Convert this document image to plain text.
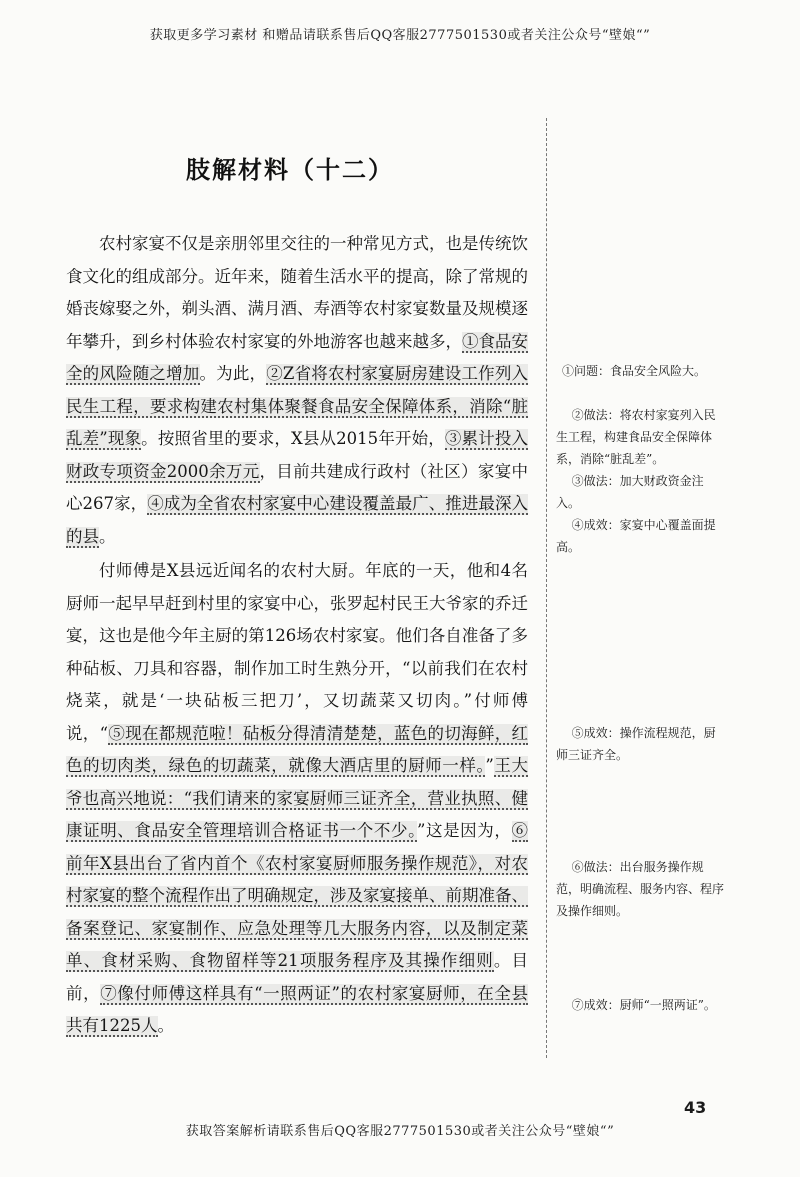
获取更多学习素材 和赠品请联系售后QQ客服2777501530或者关注公众号“壁娘“”
肢解材料（十二）

农村家宴不仅是亲朋邻里交往的一种常见方式，也是传统饮食文化的组成部分。近年来，随着生活水平的提高，除了常规的婚丧嫁娶之外，剃头酒、满月酒、寿酒等农村家宴数量及规模逐年攀升，到乡村体验农村家宴的外地游客也越来越多，①食品安全的风险随之增加。为此，②Z省将农村家宴厨房建设工作列入民生工程，要求构建农村集体聚餐食品安全保障体系，消除“脏乱差”现象。按照省里的要求，X县从2015年开始，③累计投入财政专项资金2000余万元，目前共建成行政村（社区）家宴中心267家，④成为全省农村家宴中心建设覆盖最广、推进最深入的县。

付师傅是X县远近闻名的农村大厨。年底的一天，他和4名厨师一起早早赶到村里的家宴中心，张罗起村民王大爷家的乔迁宴，这也是他今年主厨的第126场农村家宴。他们各自准备了多种砧板、刀具和容器，制作加工时生熟分开，“以前我们在农村烧菜，就是‘一块砧板三把刀’，又切蔬菜又切肉。”付师傅说，“⑤现在都规范啦！砧板分得清清楚楚，蓝色的切海鲜，红色的切肉类，绿色的切蔬菜，就像大酒店里的厨师一样。”王大爷也高兴地说：“我们请来的家宴厨师三证齐全，营业执照、健康证明、食品安全管理培训合格证书一个不少。”这是因为，⑥前年X县出台了省内首个《农村家宴厨师服务操作规范》，对农村家宴的整个流程作出了明确规定，涉及家宴接单、前期准备、备案登记、家宴制作、应急处理等几大服务内容，以及制定菜单、食材采购、食物留样等21项服务程序及其操作细则。目前，⑦像付师傅这样具有“一照两证”的农村家宴厨师，在全县共有1225人。

①问题：食品安全风险大。
②做法：将农村家宴列入民生工程，构建食品安全保障体系，消除“脏乱差”。
③做法：加大财政资金注入。
④成效：家宴中心覆盖面提高。
⑤成效：操作流程规范，厨师三证齐全。
⑥做法：出台服务操作规范，明确流程、服务内容、程序及操作细则。
⑦成效：厨师“一照两证”。
43
获取答案解析请联系售后QQ客服2777501530或者关注公众号“壁娘“”
